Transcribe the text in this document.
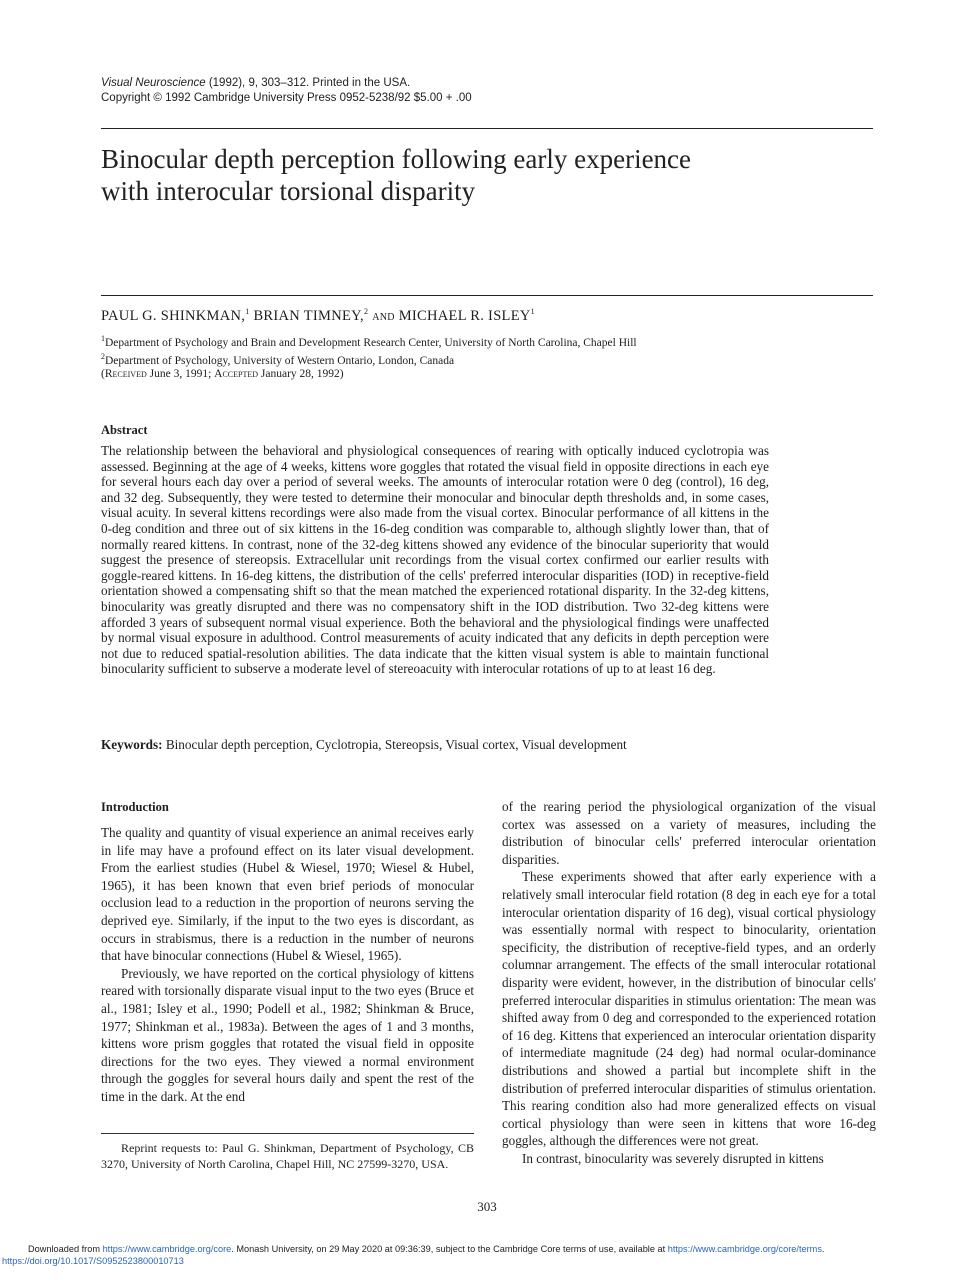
Visual Neuroscience (1992), 9, 303–312. Printed in the USA.
Copyright © 1992 Cambridge University Press 0952-5238/92 $5.00 + .00
Binocular depth perception following early experience
with interocular torsional disparity
PAUL G. SHINKMAN,$^1$ BRIAN TIMNEY,$^2$ and MICHAEL R. ISLEY$^1$
$^1$Department of Psychology and Brain and Development Research Center, University of North Carolina, Chapel Hill
$^2$Department of Psychology, University of Western Ontario, London, Canada
(Received June 3, 1991; Accepted January 28, 1992)
Abstract
The relationship between the behavioral and physiological consequences of rearing with optically induced cyclotropia was assessed. Beginning at the age of 4 weeks, kittens wore goggles that rotated the visual field in opposite directions in each eye for several hours each day over a period of several weeks. The amounts of interocular rotation were 0 deg (control), 16 deg, and 32 deg. Subsequently, they were tested to determine their monocular and binocular depth thresholds and, in some cases, visual acuity. In several kittens recordings were also made from the visual cortex. Binocular performance of all kittens in the 0-deg condition and three out of six kittens in the 16-deg condition was comparable to, although slightly lower than, that of normally reared kittens. In contrast, none of the 32-deg kittens showed any evidence of the binocular superiority that would suggest the presence of stereopsis. Extracellular unit recordings from the visual cortex confirmed our earlier results with goggle-reared kittens. In 16-deg kittens, the distribution of the cells' preferred interocular disparities (IOD) in receptive-field orientation showed a compensating shift so that the mean matched the experienced rotational disparity. In the 32-deg kittens, binocularity was greatly disrupted and there was no compensatory shift in the IOD distribution. Two 32-deg kittens were afforded 3 years of subsequent normal visual experience. Both the behavioral and the physiological findings were unaffected by normal visual exposure in adulthood. Control measurements of acuity indicated that any deficits in depth perception were not due to reduced spatial-resolution abilities. The data indicate that the kitten visual system is able to maintain functional binocularity sufficient to subserve a moderate level of stereoacuity with interocular rotations of up to at least 16 deg.
Keywords: Binocular depth perception, Cyclotropia, Stereopsis, Visual cortex, Visual development
Introduction

The quality and quantity of visual experience an animal receives early in life may have a profound effect on its later visual development. From the earliest studies (Hubel & Wiesel, 1970; Wiesel & Hubel, 1965), it has been known that even brief periods of monocular occlusion lead to a reduction in the proportion of neurons serving the deprived eye. Similarly, if the input to the two eyes is discordant, as occurs in strabismus, there is a reduction in the number of neurons that have binocular connections (Hubel & Wiesel, 1965).

Previously, we have reported on the cortical physiology of kittens reared with torsionally disparate visual input to the two eyes (Bruce et al., 1981; Isley et al., 1990; Podell et al., 1982; Shinkman & Bruce, 1977; Shinkman et al., 1983a). Between the ages of 1 and 3 months, kittens wore prism goggles that rotated the visual field in opposite directions for the two eyes. They viewed a normal environment through the goggles for several hours daily and spent the rest of the time in the dark. At the end

of the rearing period the physiological organization of the visual cortex was assessed on a variety of measures, including the distribution of binocular cells' preferred interocular orientation disparities.

These experiments showed that after early experience with a relatively small interocular field rotation (8 deg in each eye for a total interocular orientation disparity of 16 deg), visual cortical physiology was essentially normal with respect to binocularity, orientation specificity, the distribution of receptive-field types, and an orderly columnar arrangement. The effects of the small interocular rotational disparity were evident, however, in the distribution of binocular cells' preferred interocular disparities in stimulus orientation: The mean was shifted away from 0 deg and corresponded to the experienced rotation of 16 deg. Kittens that experienced an interocular orientation disparity of intermediate magnitude (24 deg) had normal ocular-dominance distributions and showed a partial but incomplete shift in the distribution of preferred interocular disparities of stimulus orientation. This rearing condition also had more generalized effects on visual cortical physiology than were seen in kittens that wore 16-deg goggles, although the differences were not great.

In contrast, binocularity was severely disrupted in kittens

Reprint requests to: Paul G. Shinkman, Department of Psychology, CB 3270, University of North Carolina, Chapel Hill, NC 27599-3270, USA.
303
Downloaded from https://www.cambridge.org/core. Monash University, on 29 May 2020 at 09:36:39, subject to the Cambridge Core terms of use, available at https://www.cambridge.org/core/terms.
https://doi.org/10.1017/S0952523800010713
